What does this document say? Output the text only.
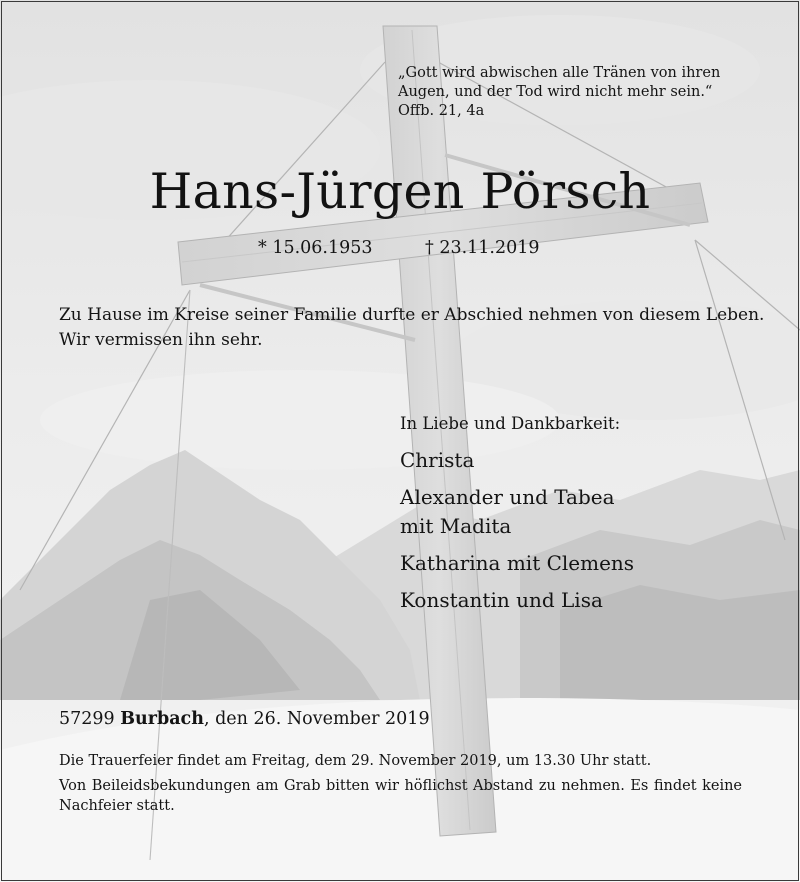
„Gott wird abwischen alle Tränen von ihren
Augen, und der Tod wird nicht mehr sein.“
Offb. 21, 4a
Hans-Jürgen Pörsch
* 15.06.1953	† 23.11.2019
Zu Hause im Kreise seiner Familie durfte er Abschied nehmen von diesem Leben.
Wir vermissen ihn sehr.
In Liebe und Dankbarkeit:
Christa
Alexander und Tabea
mit Madita
Katharina mit Clemens
Konstantin und Lisa
57299 Burbach, den 26. November 2019
Die Trauerfeier findet am Freitag, dem 29. November 2019, um 13.30 Uhr statt.
Von Beileidsbekundungen am Grab bitten wir höflichst Abstand zu nehmen. Es findet keine Nachfeier statt.
